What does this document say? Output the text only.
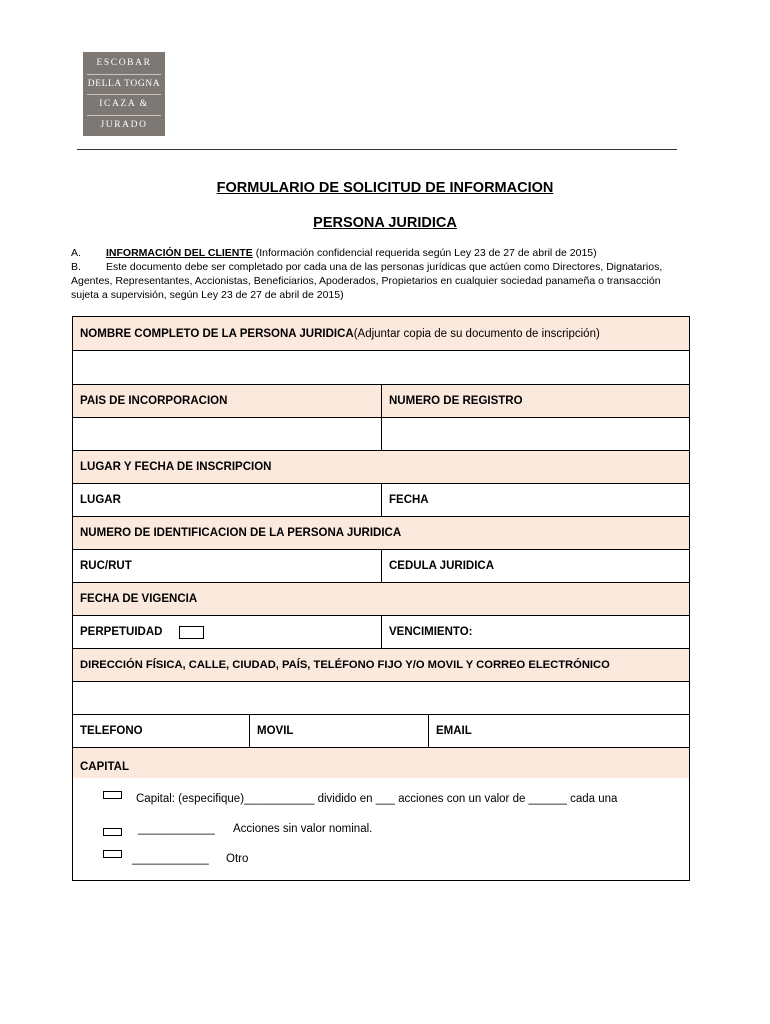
ESCOBAR
DELLA TOGNA
ICAZA &
JURADO
FORMULARIO DE SOLICITUD DE INFORMACION
PERSONA JURIDICA
A. INFORMACIÓN DEL CLIENTE (Información confidencial requerida según Ley 23 de 27 de abril de 2015)
B. Este documento debe ser completado por cada una de las personas jurídicas que actúen como Directores, Dignatarios, Agentes, Representantes, Accionistas, Beneficiarios, Apoderados, Propietarios en cualquier sociedad panameña o transacción sujeta a supervisión, según Ley 23 de 27 de abril de 2015)
NOMBRE COMPLETO DE LA PERSONA JURIDICA (Adjuntar copia de su documento de inscripción)
PAIS DE INCORPORACION	NUMERO DE REGISTRO
LUGAR Y FECHA DE INSCRIPCION
LUGAR	FECHA
NUMERO DE IDENTIFICACION DE LA PERSONA JURIDICA
RUC/RUT	CEDULA JURIDICA
FECHA DE VIGENCIA
PERPETUIDAD	VENCIMIENTO:
DIRECCIÓN FÍSICA, CALLE, CIUDAD, PAÍS, TELÉFONO FIJO Y/O MOVIL Y CORREO ELECTRÓNICO
TELEFONO	MOVIL	EMAIL
CAPITAL
Capital: (especifique)___________ dividido en ___ acciones con un valor de ______ cada una
____________ Acciones sin valor nominal.
____________ Otro
